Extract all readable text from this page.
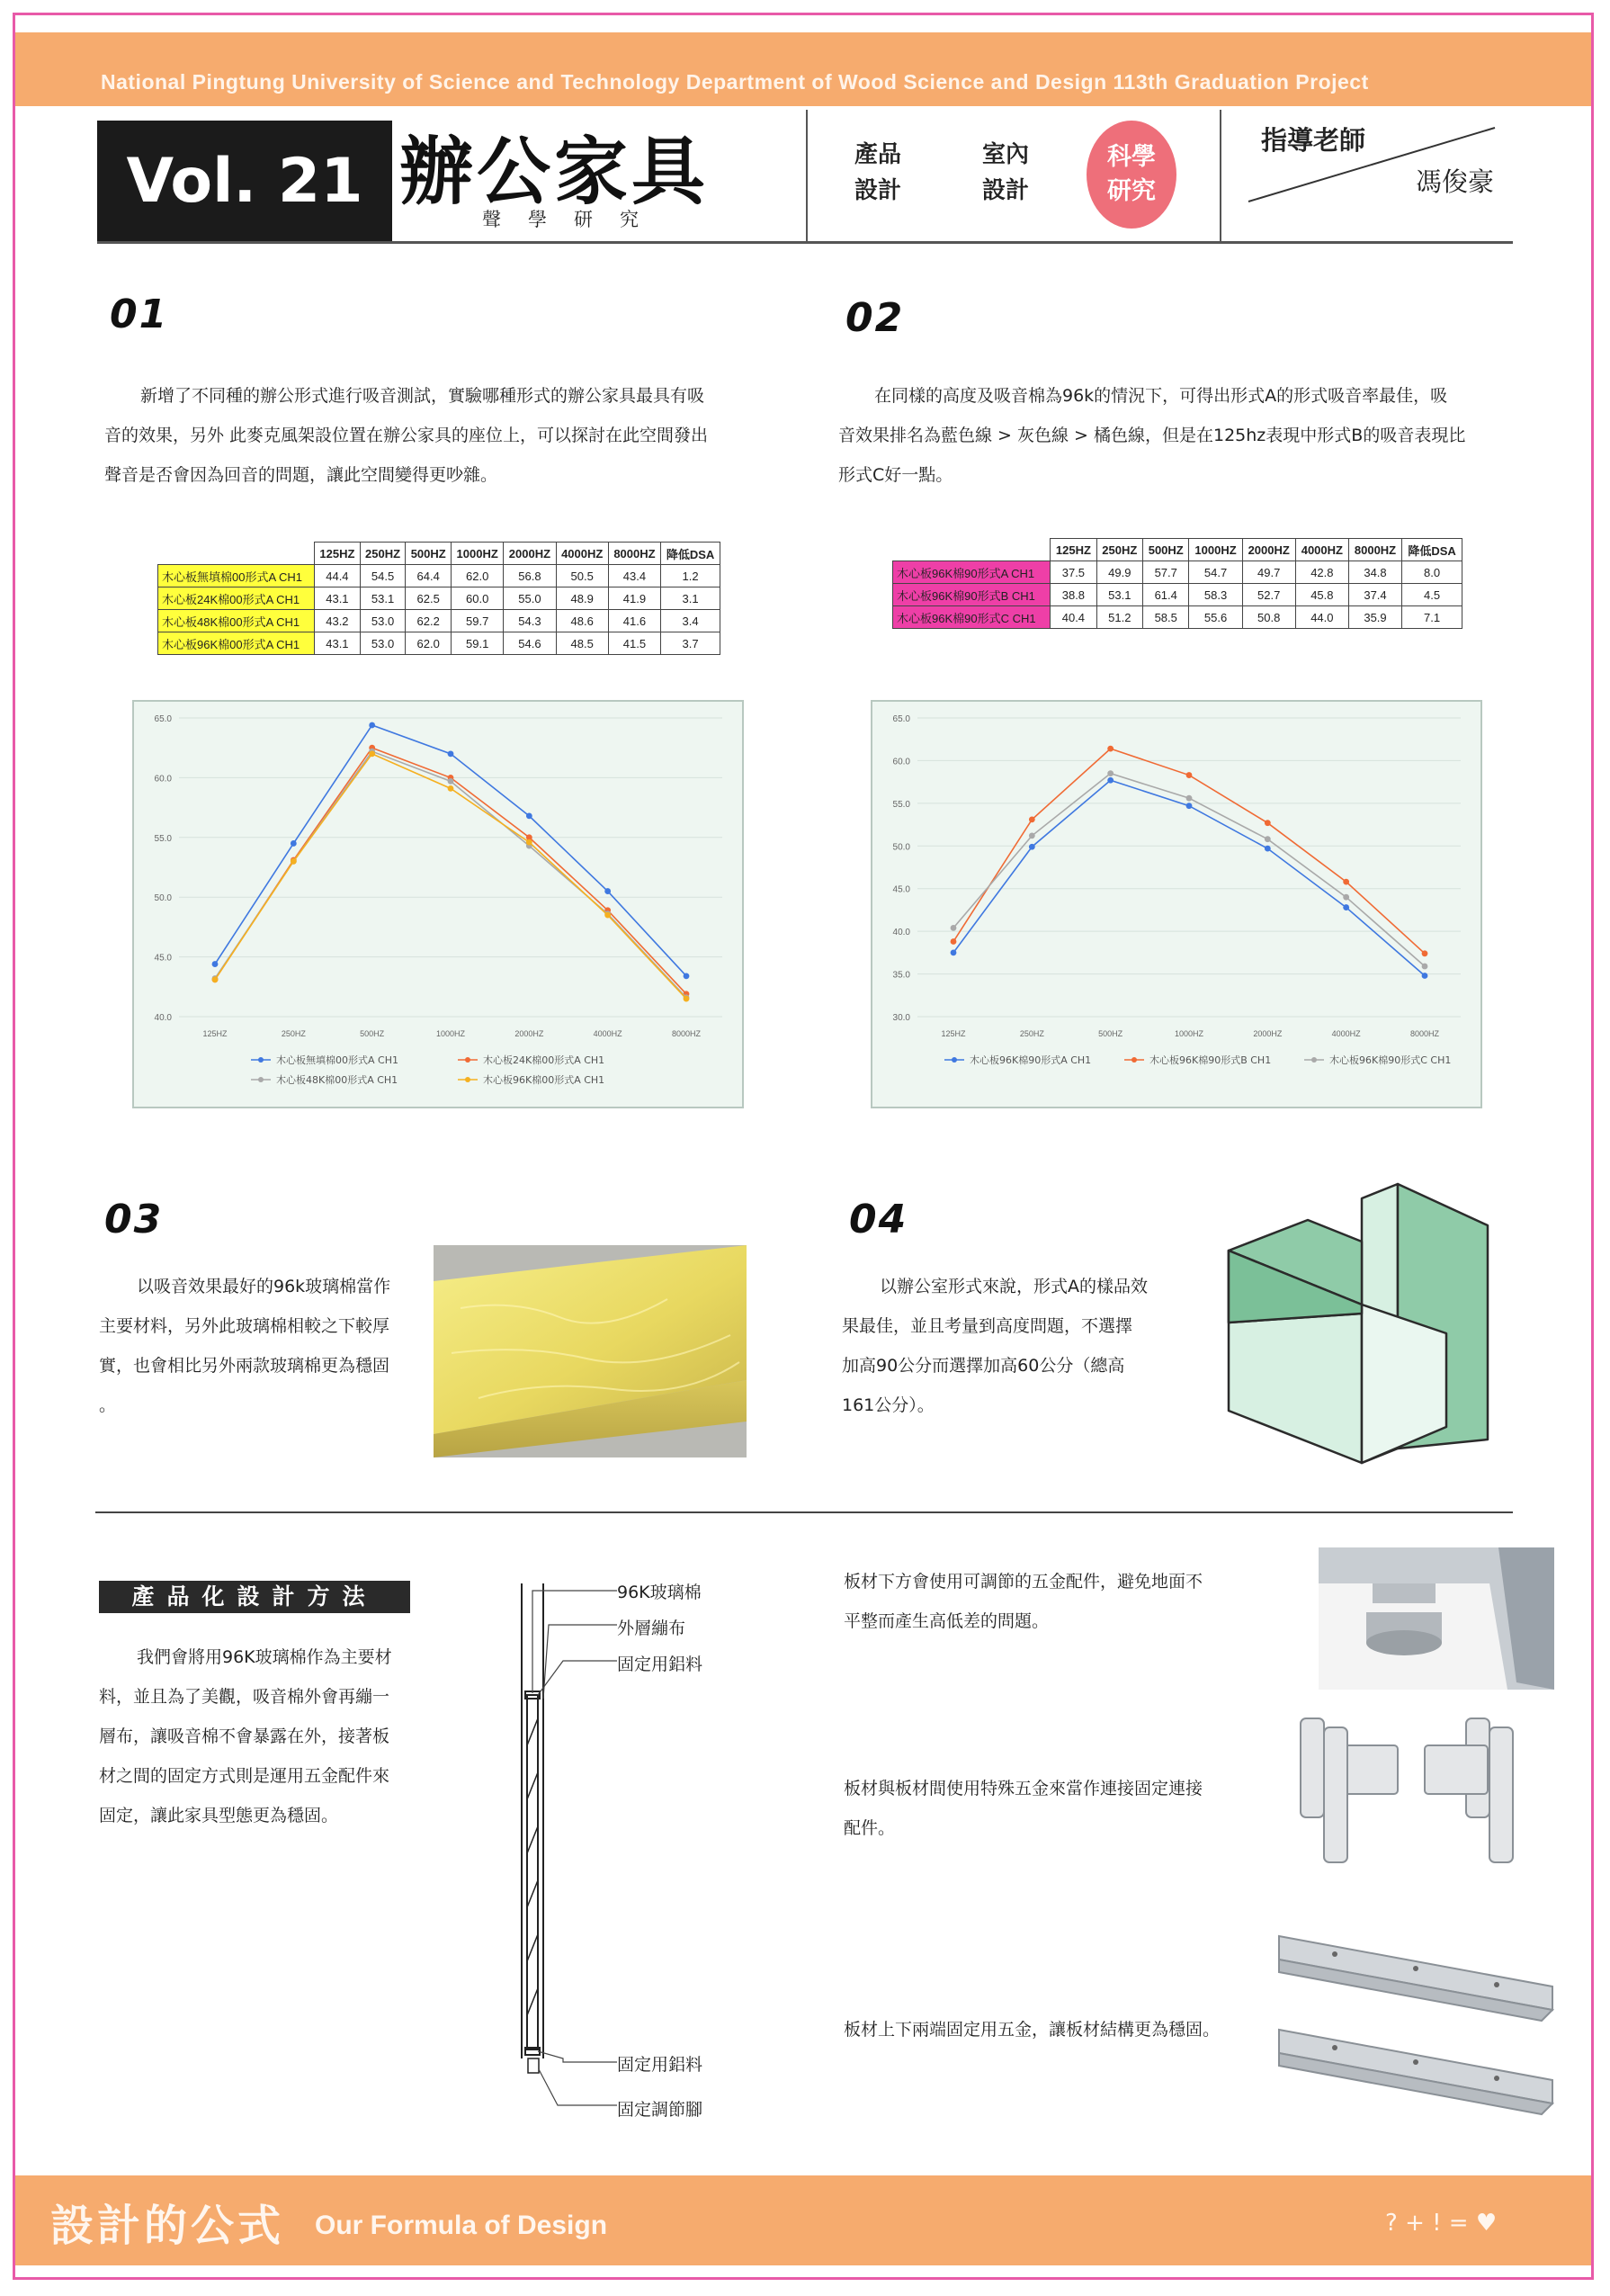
National Pingtung University of Science and Technology Department of Wood Science and Design 113th Graduation Project
Vol. 21 辦公家具
聲學研究
產品
設計
室內
設計
科學
研究
指導老師
馮俊豪
01
新增了不同種的辦公形式進行吸音測試，實驗哪種形式的辦公家具最具有吸
音的效果，另外 此麥克風架設位置在辦公家具的座位上，可以探討在此空間發出
聲音是否會因為回音的問題，讓此空間變得更吵雜。
02
在同樣的高度及吸音棉為96k的情況下，可得出形式A的形式吸音率最佳，吸
音效果排名為藍色線 > 灰色線 > 橘色線，但是在125hz表現中形式B的吸音表現比
形式C好一點。
	125HZ	250HZ	500HZ	1000HZ	2000HZ	4000HZ	8000HZ	降低DSA
木心板無填棉00形式A CH1	44.4	54.5	64.4	62.0	56.8	50.5	43.4	1.2
木心板24K棉00形式A CH1	43.1	53.1	62.5	60.0	55.0	48.9	41.9	3.1
木心板48K棉00形式A CH1	43.2	53.0	62.2	59.7	54.3	48.6	41.6	3.4
木心板96K棉00形式A CH1	43.1	53.0	62.0	59.1	54.6	48.5	41.5	3.7
	125HZ	250HZ	500HZ	1000HZ	2000HZ	4000HZ	8000HZ	降低DSA
木心板96K棉90形式A CH1	37.5	49.9	57.7	54.7	49.7	42.8	34.8	8.0
木心板96K棉90形式B CH1	38.8	53.1	61.4	58.3	52.7	45.8	37.4	4.5
木心板96K棉90形式C CH1	40.4	51.2	58.5	55.6	50.8	44.0	35.9	7.1
65.0
60.0
55.0
50.0
45.0
40.0
125HZ	250HZ	500HZ	1000HZ	2000HZ	4000HZ	8000HZ
木心板無填棉00形式A CH1	木心板24K棉00形式A CH1
木心板48K棉00形式A CH1	木心板96K棉00形式A CH1
65.0
60.0
55.0
50.0
45.0
40.0
35.0
30.0
125HZ	250HZ	500HZ	1000HZ	2000HZ	4000HZ	8000HZ
木心板96K棉90形式A CH1	木心板96K棉90形式B CH1	木心板96K棉90形式C CH1
03
以吸音效果最好的96k玻璃棉當作
主要材料，另外此玻璃棉相較之下較厚
實，也會相比另外兩款玻璃棉更為穩固
。
04
以辦公室形式來說，形式A的樣品效
果最佳，並且考量到高度問題，不選擇
加高90公分而選擇加高60公分（總高
161公分）。
產品化設計方法
我們會將用96K玻璃棉作為主要材
料，並且為了美觀，吸音棉外會再繃一
層布，讓吸音棉不會暴露在外，接著板
材之間的固定方式則是運用五金配件來
固定，讓此家具型態更為穩固。
96K玻璃棉
外層繃布
固定用鋁料
固定用鋁料
固定調節腳
板材下方會使用可調節的五金配件，避免地面不
平整而產生高低差的問題。
板材與板材間使用特殊五金來當作連接固定連接
配件。
板材上下兩端固定用五金，讓板材結構更為穩固。
設計的公式 Our Formula of Design	? + ! = ♥
